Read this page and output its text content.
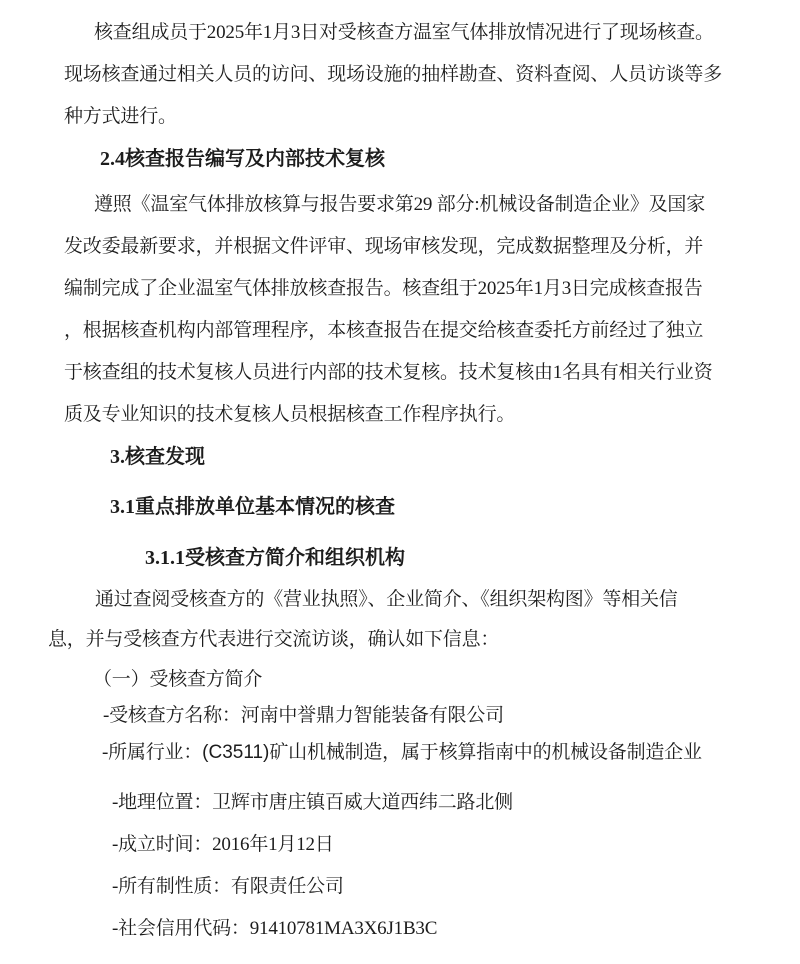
核查组成员于2025年1月3日对受核查方温室气体排放情况进行了现场核查。
现场核查通过相关人员的访问、现场设施的抽样勘查、资料查阅、人员访谈等多
种方式进行。
2.4核查报告编写及内部技术复核
遵照《温室气体排放核算与报告要求第29 部分:机械设备制造企业》及国家
发改委最新要求，并根据文件评审、现场审核发现，完成数据整理及分析，并
编制完成了企业温室气体排放核查报告。核查组于2025年1月3日完成核查报告
，根据核查机构内部管理程序，本核查报告在提交给核查委托方前经过了独立
于核查组的技术复核人员进行内部的技术复核。技术复核由1名具有相关行业资
质及专业知识的技术复核人员根据核查工作程序执行。
3.核查发现
3.1重点排放单位基本情况的核查
3.1.1受核查方简介和组织机构
通过查阅受核查方的《营业执照》、企业简介、《组织架构图》等相关信
息，并与受核查方代表进行交流访谈，确认如下信息：
（一）受核查方简介
-受核查方名称：河南中誉鼎力智能装备有限公司
-所属行业：(C3511)矿山机械制造，属于核算指南中的机械设备制造企业
-地理位置：卫辉市唐庄镇百威大道西纬二路北侧
-成立时间：2016年1月12日
-所有制性质：有限责任公司
-社会信用代码：91410781MA3X6J1B3C
